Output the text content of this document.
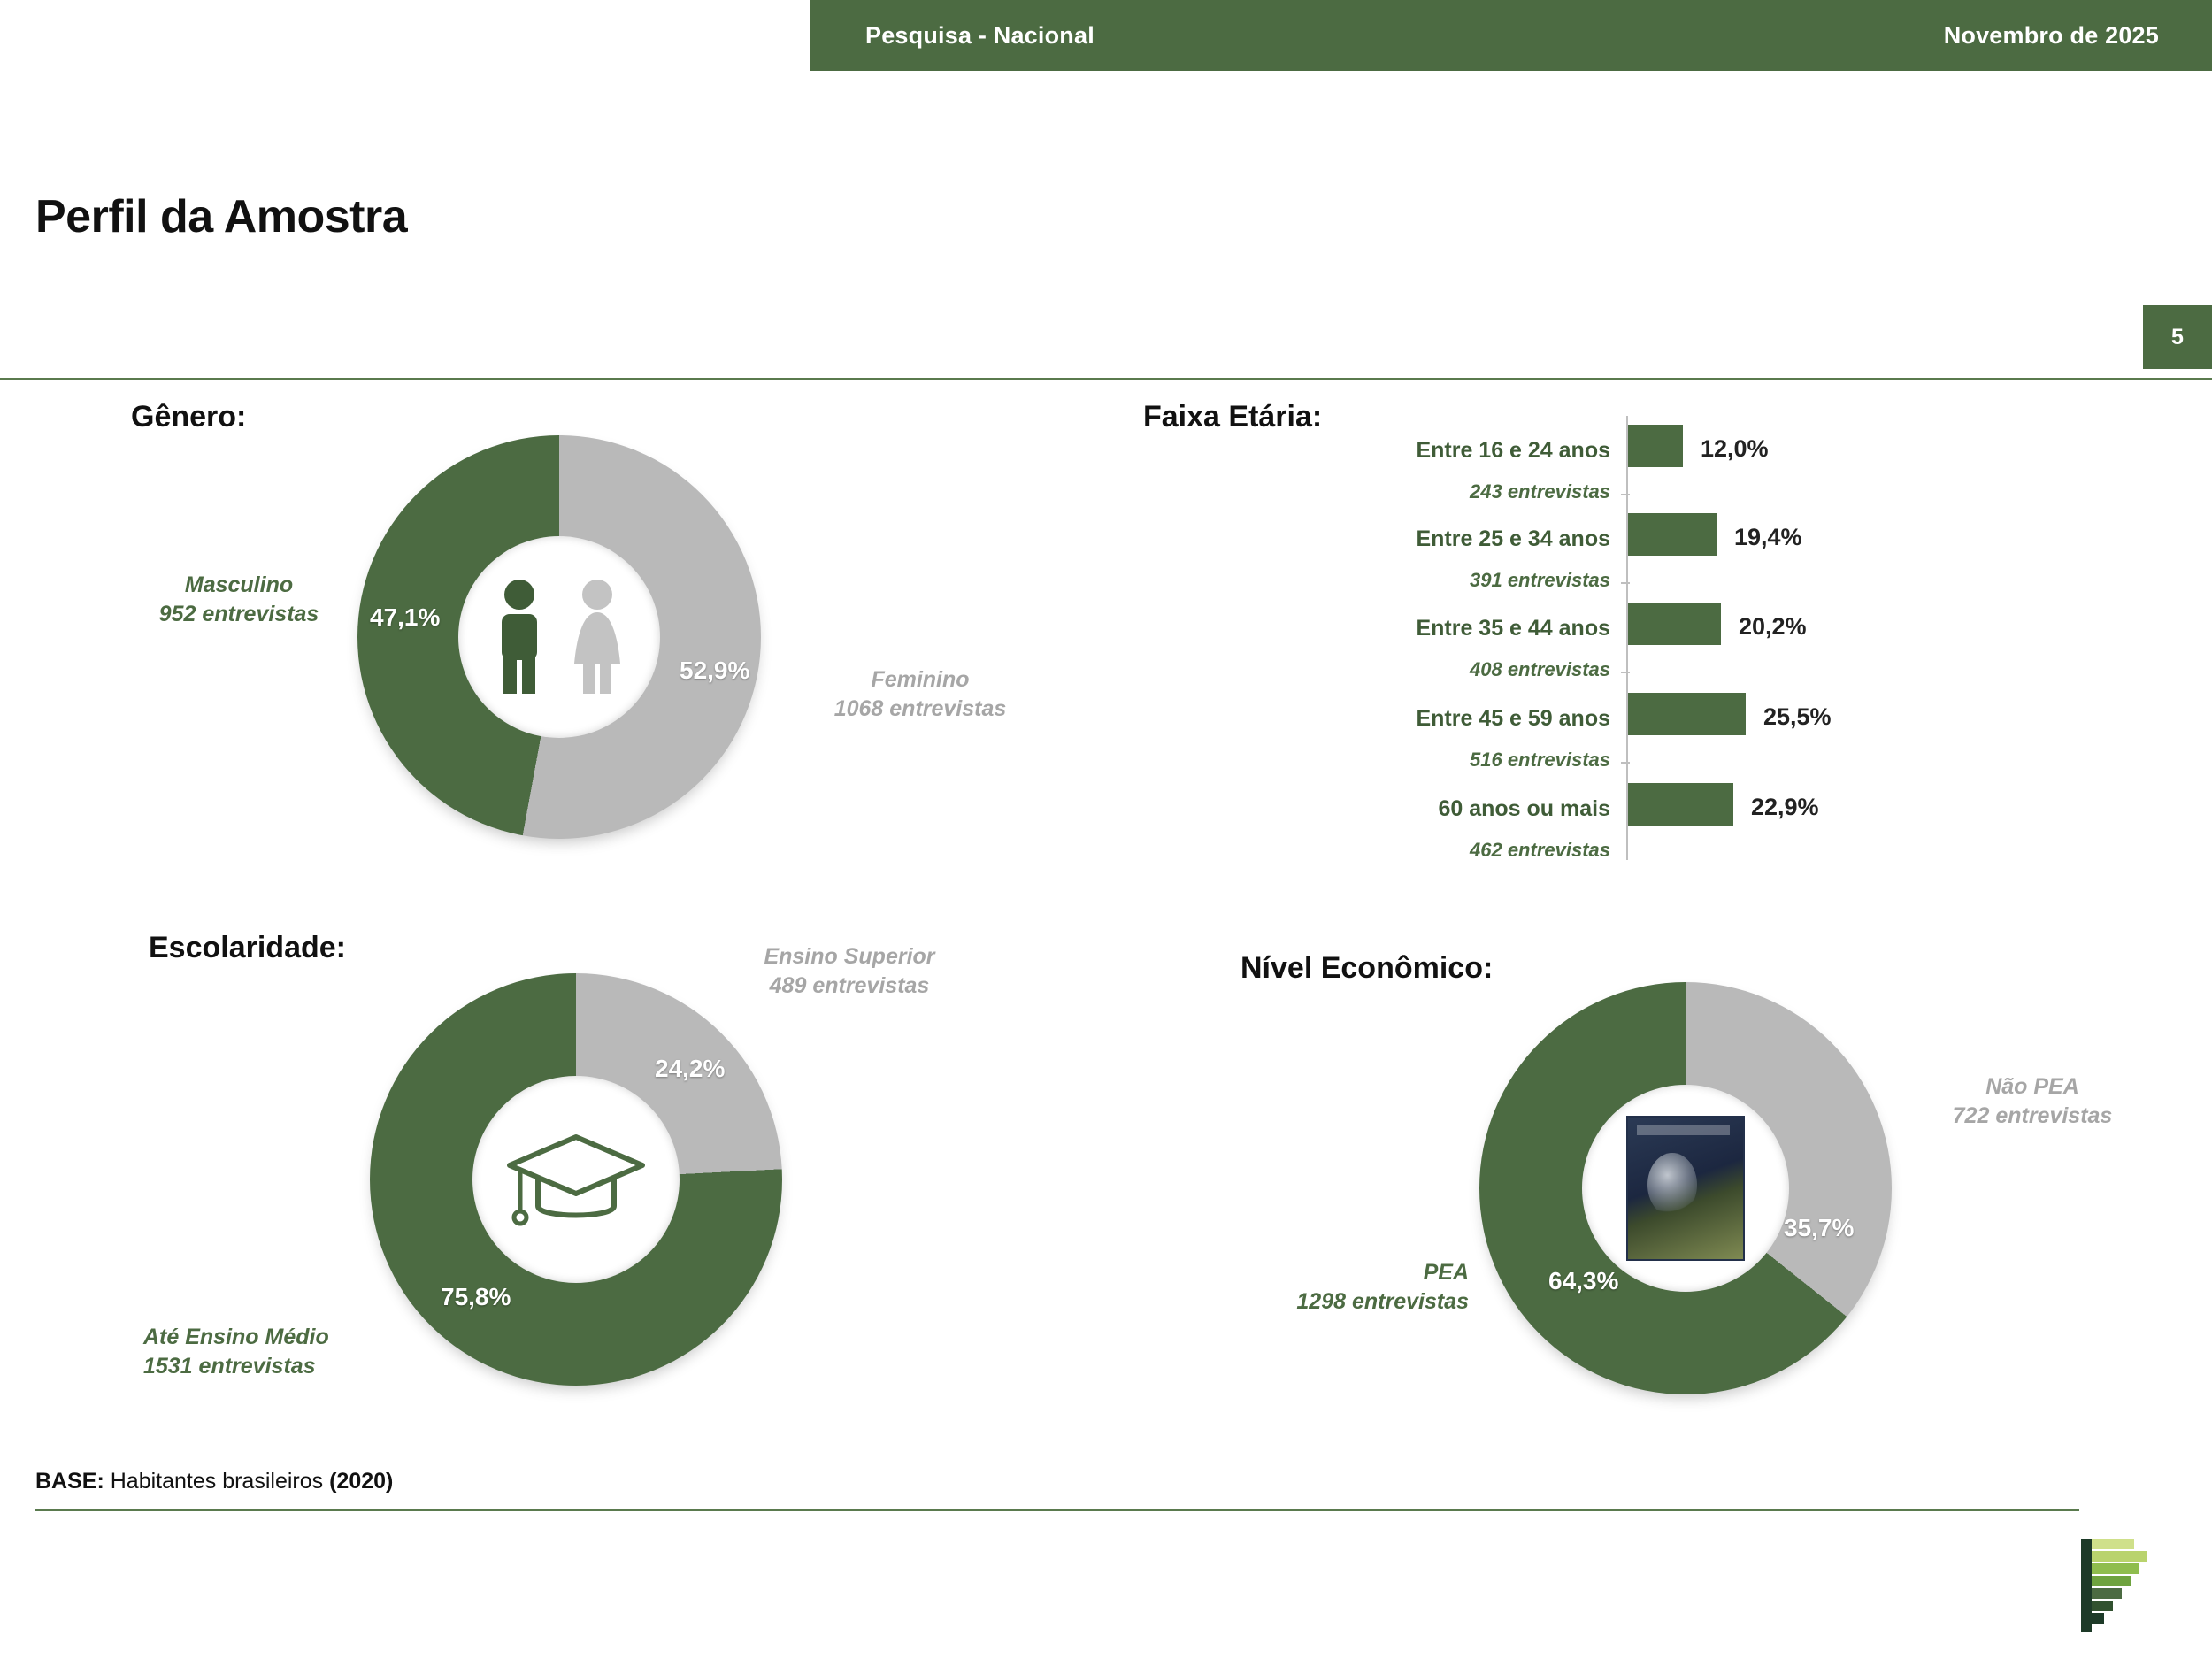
Pesquisa - Nacional	Novembro de 2025
Perfil da Amostra
5
Gênero:	Faixa Etária:
Escolaridade:
Nível Econômico:
47,1%
52,9%
Masculino
952 entrevistas
Feminino
1068 entrevistas
Entre 16 e 24 anos
243 entrevistas
12,0%
Entre 25 e 34 anos
391 entrevistas
19,4%
Entre 35 e 44 anos
408 entrevistas
20,2%
Entre 45 e 59 anos
516 entrevistas
25,5%
60 anos ou mais
462 entrevistas
22,9%
24,2%
75,8%
Ensino Superior
489 entrevistas
Até Ensino Médio
1531 entrevistas
35,7%
64,3%
Não PEA
722 entrevistas
PEA
1298 entrevistas
BASE: Habitantes brasileiros (2020)
